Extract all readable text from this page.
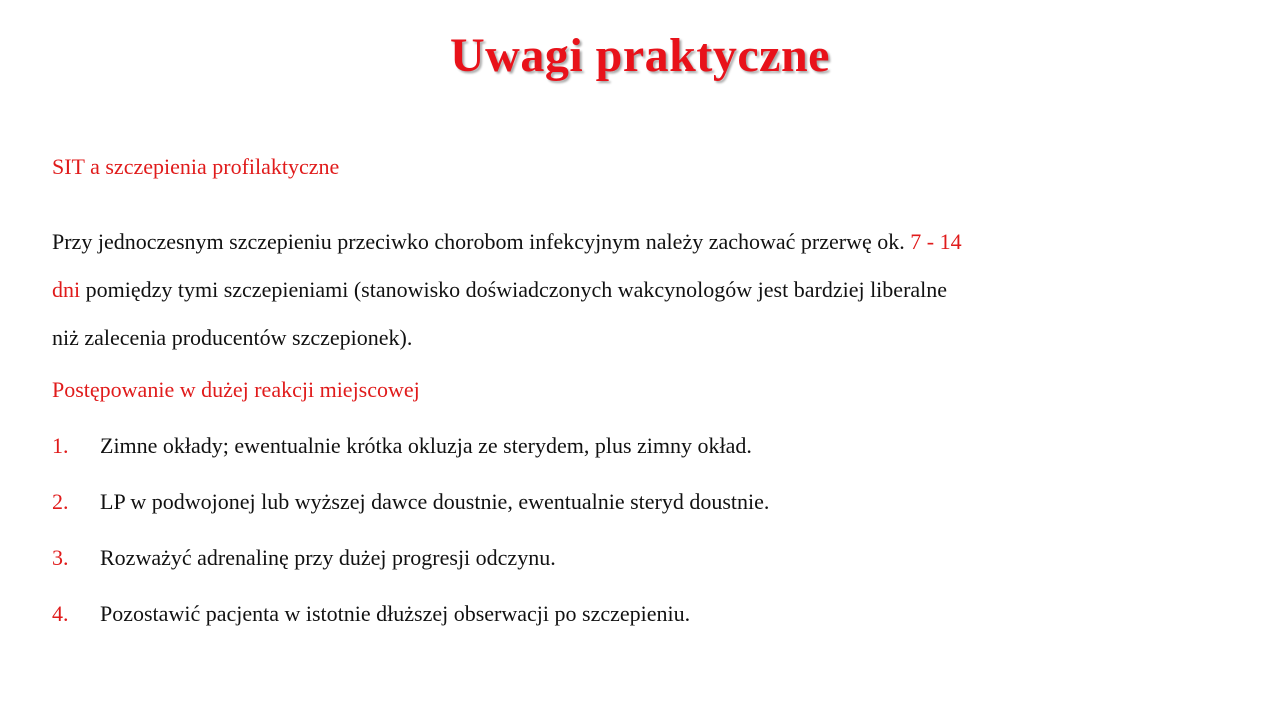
Uwagi praktyczne
SIT a szczepienia profilaktyczne
Przy jednoczesnym szczepieniu przeciwko chorobom infekcyjnym należy zachować przerwę ok. 7 - 14
dni pomiędzy tymi szczepieniami (stanowisko doświadczonych wakcynologów jest bardziej liberalne
niż zalecenia producentów szczepionek).
Postępowanie w dużej reakcji miejscowej
1. Zimne okłady; ewentualnie krótka okluzja ze sterydem, plus zimny okład.
2. LP w podwojonej lub wyższej dawce doustnie, ewentualnie steryd doustnie.
3. Rozważyć adrenalinę przy dużej progresji odczynu.
4. Pozostawić pacjenta w istotnie dłuższej obserwacji po szczepieniu.
